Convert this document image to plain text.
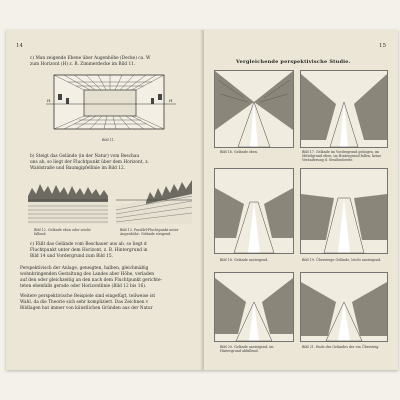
14
c) Man zeigende Ebene über Augenhöhe (Decke) ca. W
zum Horizont (H) z. B. Zimmerdecke im Bild 11.
H	H
Bild 11.
b) Steigt das Gelände (in der Natur) vom Beschau
uns ab, so liegt der Fluchtpunkt über dem Horizont, z.
Waldstraße und Baumgipfellinie im Bild 12.
Bild 12. Gelände eben oder seicht fallend.
Bild 13. Parallel-Fluchtpunkt unter Augenhöhe. Gelände steigend.
c) Fällt das Gelände vom Beschauer aus ab, so liegt d
Fluchtpunkt unter dem Horizont, z. B. Hintergrund in
Bild 14 und Vordergrund zum Bild 15.
Perspektivisch der Anlage, geneigten, halben, gleichmäßig
wohnbringenden Gestaltung des Landes aber Höhe, verladen
auf den oder gleichzeitig an den nach dem Fluchtpunkt gerichte-
teten ebenfalls gerade oder Horizontlinie (Bild 12 bis 16).
Weitere perspektivische Beispiele sind eingefügt, teilweise ist
Wahl, da die Theorie sich sehr kompliziert. Das Zeichnen v
Bildlagen hat immer von künstlichen Gründen aus der Natur
15
Vergleichende perspektivische Studie.
Bild 16. Gelände eben.	Bild 17. Gelände im Vordergrund gebogen, im Mittelgrund eben, im Hintergrund fallen, keine Veränderung d. Straßenbreite.
Bild 18. Gelände ansteigend.	Bild 19. Übersteige Gelände, leicht ansteigend.
Bild 20. Gelände ansteigend, im Hintergrund abfallend.
Bild 21. Ende des Geländes der ein Übersteig.
